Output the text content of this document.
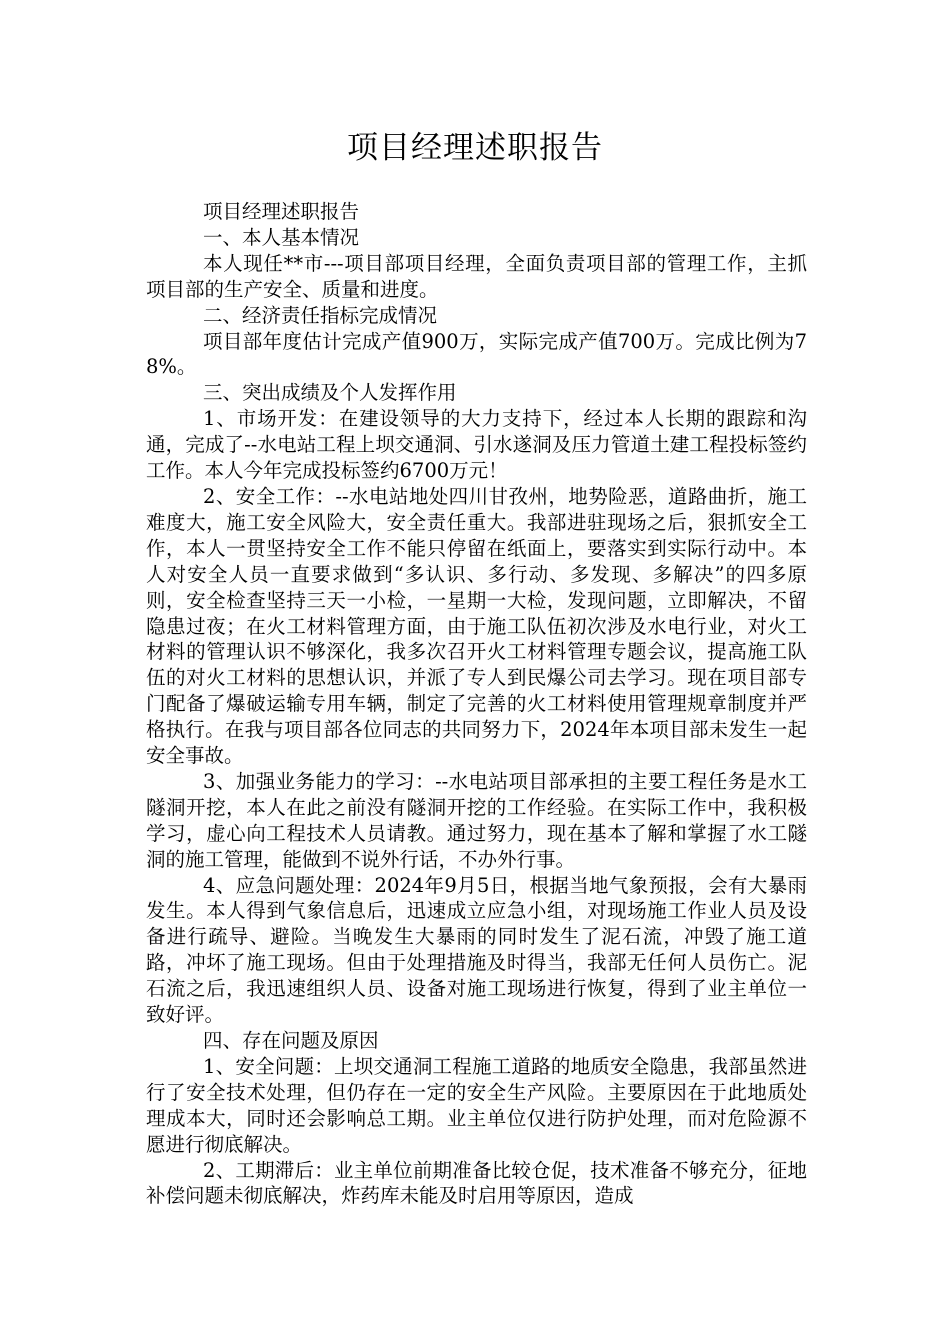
项目经理述职报告

项目经理述职报告

一、本人基本情况

本人现任**市---项目部项目经理，全面负责项目部的管理工作，主抓项目部的生产安全、质量和进度。

二、经济责任指标完成情况

项目部年度估计完成产值900万，实际完成产值700万。完成比例为78%。

三、突出成绩及个人发挥作用

1、市场开发：在建设领导的大力支持下，经过本人长期的跟踪和沟通，完成了--水电站工程上坝交通洞、引水遂洞及压力管道土建工程投标签约工作。本人今年完成投标签约6700万元！

2、安全工作：--水电站地处四川甘孜州，地势险恶，道路曲折，施工难度大，施工安全风险大，安全责任重大。我部进驻现场之后，狠抓安全工作，本人一贯坚持安全工作不能只停留在纸面上，要落实到实际行动中。本人对安全人员一直要求做到“多认识、多行动、多发现、多解决”的四多原则，安全检查坚持三天一小检，一星期一大检，发现问题，立即解决，不留隐患过夜；在火工材料管理方面，由于施工队伍初次涉及水电行业，对火工材料的管理认识不够深化，我多次召开火工材料管理专题会议，提高施工队伍的对火工材料的思想认识，并派了专人到民爆公司去学习。现在项目部专门配备了爆破运输专用车辆，制定了完善的火工材料使用管理规章制度并严格执行。在我与项目部各位同志的共同努力下，2024年本项目部未发生一起安全事故。

3、加强业务能力的学习：--水电站项目部承担的主要工程任务是水工隧洞开挖，本人在此之前没有隧洞开挖的工作经验。在实际工作中，我积极学习，虚心向工程技术人员请教。通过努力，现在基本了解和掌握了水工隧洞的施工管理，能做到不说外行话，不办外行事。

4、应急问题处理：2024年9月5日，根据当地气象预报，会有大暴雨发生。本人得到气象信息后，迅速成立应急小组，对现场施工作业人员及设备进行疏导、避险。当晚发生大暴雨的同时发生了泥石流，冲毁了施工道路，冲坏了施工现场。但由于处理措施及时得当，我部无任何人员伤亡。泥石流之后，我迅速组织人员、设备对施工现场进行恢复，得到了业主单位一致好评。

四、存在问题及原因

1、安全问题：上坝交通洞工程施工道路的地质安全隐患，我部虽然进行了安全技术处理，但仍存在一定的安全生产风险。主要原因在于此地质处理成本大，同时还会影响总工期。业主单位仅进行防护处理，而对危险源不愿进行彻底解决。

2、工期滞后：业主单位前期准备比较仓促，技术准备不够充分，征地补偿问题未彻底解决，炸药库未能及时启用等原因，造成
